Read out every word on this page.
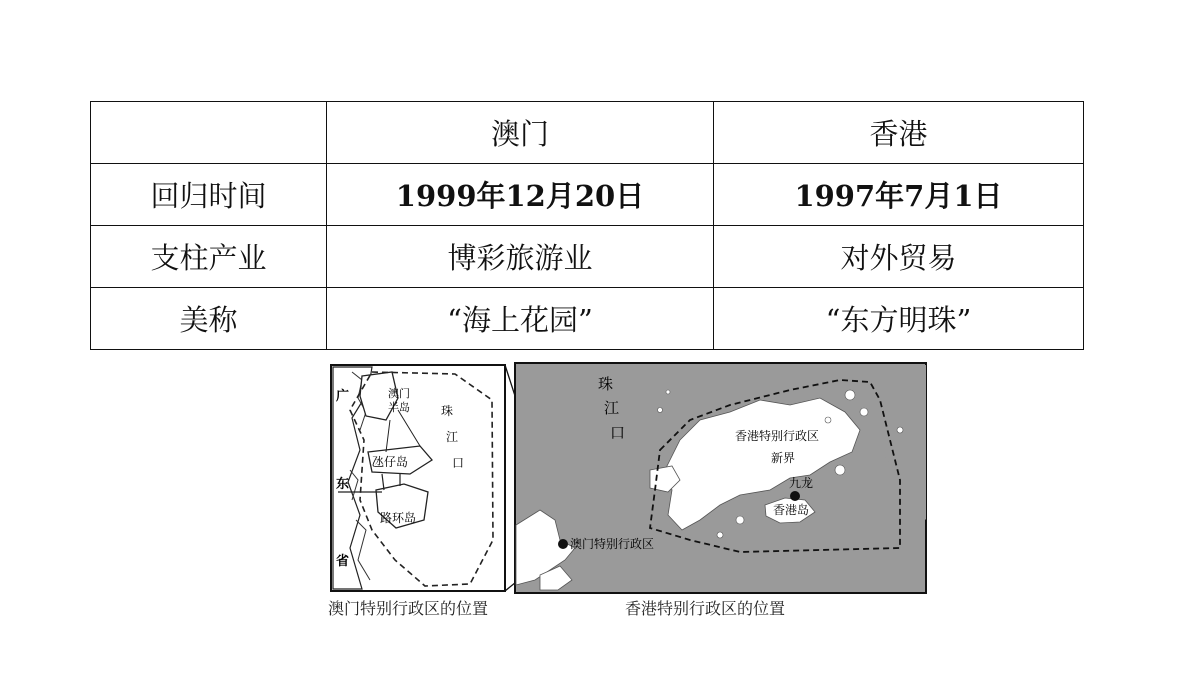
	澳门	香港
回归时间	1999年12月20日	1997年7月1日
支柱产业	博彩旅游业	对外贸易
美称	“海上花园”	“东方明珠”
澳门
半岛	珠
江
口
氹仔岛
路环岛
广
东
省
珠
江
口	香港特别行政区
新界
九龙
香港岛
澳门特别行政区
澳门特别行政区的位置	香港特别行政区的位置
